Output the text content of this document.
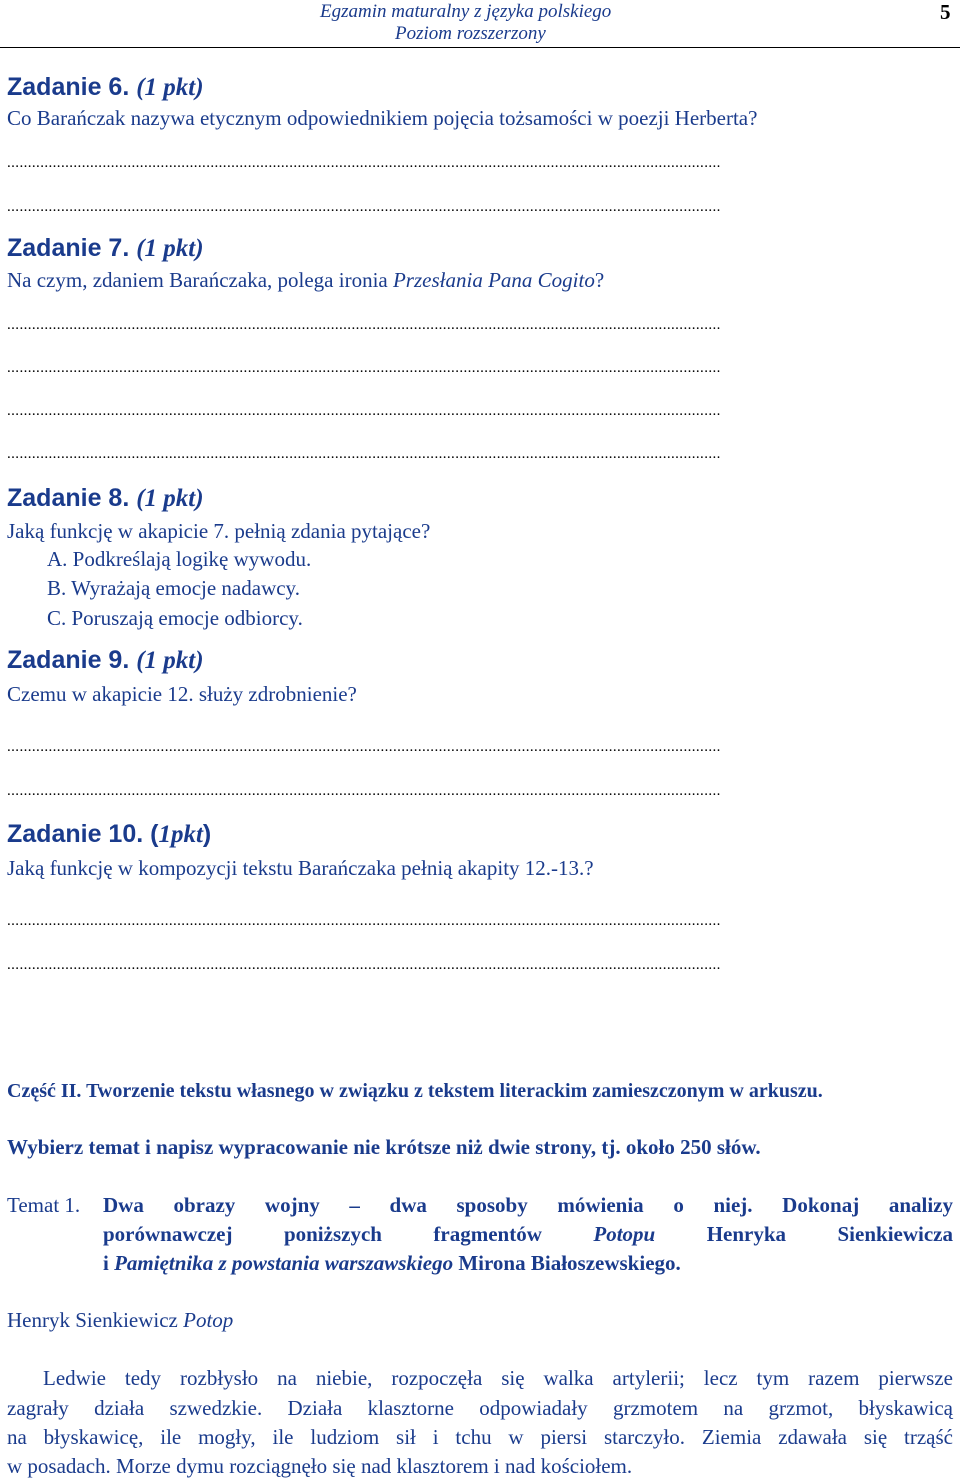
Egzamin maturalny z języka polskiego
Poziom rozszerzony
5
Zadanie 6. (1 pkt)
Co Barańczak nazywa etycznym odpowiednikiem pojęcia tożsamości w poezji Herberta?
............................................................................................................................................................................
............................................................................................................................................................................
Zadanie 7. (1 pkt)
Na czym, zdaniem Barańczaka, polega ironia Przesłania Pana Cogito?
............................................................................................................................................................................
............................................................................................................................................................................
............................................................................................................................................................................
............................................................................................................................................................................
Zadanie 8. (1 pkt)
Jaką funkcję w akapicie 7. pełnią zdania pytające?
A. Podkreślają logikę wywodu.
B. Wyrażają emocje nadawcy.
C. Poruszają emocje odbiorcy.
Zadanie 9. (1 pkt)
Czemu w akapicie 12. służy zdrobnienie?
............................................................................................................................................................................
............................................................................................................................................................................
Zadanie 10. (1pkt)
Jaką funkcję w kompozycji tekstu Barańczaka pełnią akapity 12.-13.?
............................................................................................................................................................................
............................................................................................................................................................................
Część II. Tworzenie tekstu własnego w związku z tekstem literackim zamieszczonym w arkuszu.
Wybierz temat i napisz wypracowanie nie krótsze niż dwie strony, tj. około 250 słów.
Temat 1. Dwa obrazy wojny – dwa sposoby mówienia o niej. Dokonaj analizy
porównawczej poniższych fragmentów Potopu Henryka Sienkiewicza
i Pamiętnika z powstania warszawskiego Mirona Białoszewskiego.
Henryk Sienkiewicz Potop
Ledwie tedy rozbłysło na niebie, rozpoczęła się walka artylerii; lecz tym razem pierwsze
zagrały działa szwedzkie. Działa klasztorne odpowiadały grzmotem na grzmot, błyskawicą
na błyskawicę, ile mogły, ile ludziom sił i tchu w piersi starczyło. Ziemia zdawała się trząść
w posadach. Morze dymu rozciągnęło się nad klasztorem i nad kościołem.
